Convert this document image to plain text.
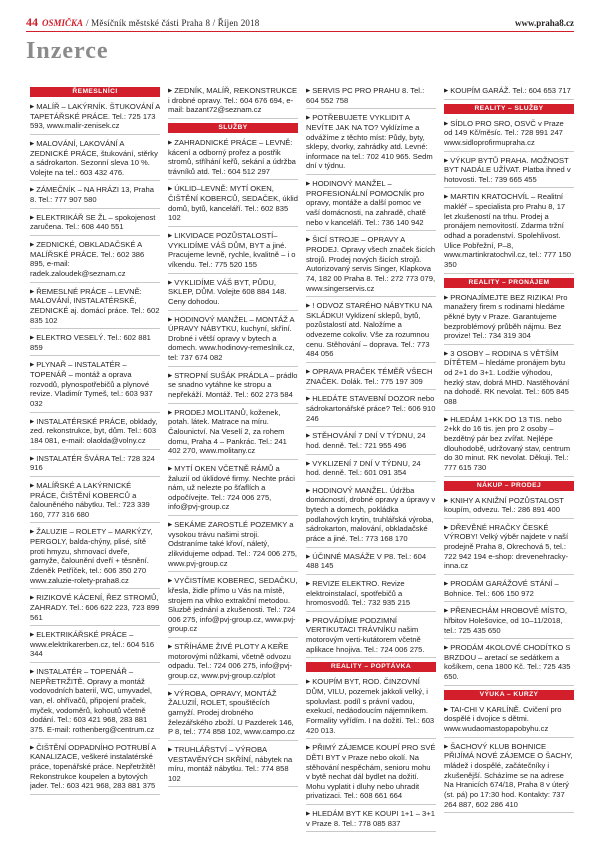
44 OSMIČKA / Měsíčník městské části Praha 8 / Říjen 2018	www.praha8.cz
Inzerce
ŘEMESLNÍCI

▶ MALÍŘ – LAKÝRNÍK. ŠTUKOVÁNÍ A TAPETÁŘSKÉ PRÁCE. Tel.: 725 173 593, www.malir-zenisek.cz

▶ MALOVÁNÍ, LAKOVÁNÍ A ZEDNICKÉ PRÁCE, štukování, stěrky a sádrokarton. Sezonní sleva 10 %. Volejte na tel.: 603 432 476.

▶ ZÁMEČNÍK – NA HRÁZI 13, Praha 8. Tel.: 777 907 580

▶ ELEKTRIKÁŘ SE ŽL – spokojenost zaručena. Tel.: 608 440 551

▶ ZEDNICKÉ, OBKLADAČSKÉ A MALÍŘSKÉ PRÁCE. Tel.: 602 386 895, e-mail: radek.zaloudek@seznam.cz

▶ ŘEMESLNÉ PRÁCE – LEVNĚ: MALOVÁNÍ, INSTALATÉRSKÉ, ZEDNICKÉ aj. domácí práce. Tel.: 602 835 102

▶ ELEKTRO VESELÝ. Tel.: 602 881 859

▶ PLYNAŘ – INSTALATÉR – TOPENÁŘ – montáž a oprava rozvodů, plynospotřebičů a plynové revize. Vladimír Tymeš, tel.: 603 937 032

▶ INSTALATÉRSKÉ PRÁCE, obklady, zed. rekonstrukce, byt, dům. Tel.: 603 184 081, e-mail: olaolda@volny.cz

▶ INSTALATÉR ŠVÁRA Tel.: 728 324 916

▶ MALÍŘSKÉ A LAKÝRNICKÉ PRÁCE, ČIŠTĚNÍ KOBERCŮ a čalouněného nábytku. Tel.: 723 339 160, 777 316 680

▶ ŽALUZIE – ROLETY – MARKÝZY, PERGOLY, balda-chýny, plisé, sítě proti hmyzu, shrnovací dveře, garnyže, čalounění dveří + těsnění. Zdeněk Petříček, tel.: 606 350 270 www.zaluzie-rolety-praha8.cz

▶ RIZIKOVÉ KÁCENÍ, ŘEZ STROMŮ, ZAHRADY. Tel.: 606 622 223, 723 899 561

▶ ELEKTRIKÁŘSKÉ PRÁCE – www.elektrikarerben.cz, tel.: 604 516 344

▶ INSTALATÉR – TOPENÁŘ – NEPŘETRŽITĚ. Opravy a montáž vodovodních baterií, WC, umyvadel, van, el. ohřívačů, připojení praček, myček, vodoměrů, kohoutů včetně dodání. Tel.: 603 421 968, 283 881 375. E-mail: rothenberg@centrum.cz

▶ ČIŠTĚNÍ ODPADNÍHO POTRUBÍ A KANALIZACE, veškeré instalatérské práce, topenářské práce. Nepřetržitě! Rekonstrukce koupelen a bytových jader. Tel.: 603 421 968, 283 881 375

▶ ZEDNÍK, MALÍŘ, REKONSTRUKCE i drobné opravy. Tel.: 604 676 694, e-mail: bazant72@seznam.cz

SLUŽBY

▶ ZAHRADNICKÉ PRÁCE – LEVNĚ: kácení a odborný prořez a postřik stromů, stříhání keřů, sekání a údržba trávníků atd. Tel.: 604 512 297

▶ ÚKLID–LEVNĚ: MYTÍ OKEN, ČIŠTĚNÍ KOBERCŮ, SEDAČEK, úklid domů, bytů, kanceláří. Tel.: 602 835 102

▶ LIKVIDACE POZŮSTALOSTÍ– VYKLIDÍME VÁŠ DŮM, BYT a jiné. Pracujeme levně, rychle, kvalitně – i o víkendu. Tel.: 775 520 155

▶ VYKLIDÍME VÁŠ BYT, PŮDU, SKLEP, DŮM. Volejte 608 884 148. Ceny dohodou.

▶ HODINOVÝ MANŽEL – MONTÁŽ A ÚPRAVY NÁBYTKU, kuchyní, skříní. Drobné i větší opravy v bytech a domech. www.hodinovy-remeslnik.cz, tel: 737 674 082

▶ STROPNÍ SUŠÁK PRÁDLA – prádlo se snadno vytáhne ke stropu a nepřekáží. Montáž. Tel.: 602 273 584

▶ PRODEJ MOLITANŮ, koženek, potah. látek. Matrace na míru. Čalounictví. Na Veselí 2, za rohem domu, Praha 4 – Pankrác. Tel.: 241 402 270, www.molitany.cz

▶ MYTÍ OKEN VČETNĚ RÁMŮ a žaluzií od úklidové firmy. Nechte práci nám, už nelezte po šťaflích a odpočívejte. Tel.: 724 006 275, info@pvj-group.cz

▶ SEKÁME ZAROSTLÉ POZEMKY a vysokou trávu našimi stroji. Odstraníme také křoví, náletý, zlikvidujeme odpad. Tel.: 724 006 275, www.pvj-group.cz

▶ VYČISTÍME KOBEREC, SEDAČKU, křesla, židle přímo u Vás na místě, strojem na vlhko extrakční metodou. Sluzbě jednání a zkušenosti. Tel.: 724 006 275, info@pvj-group.cz, www.pvj-group.cz

▶ STŘÍHÁME ŽIVÉ PLOTY A KEŘE motorovými nůžkami, včetně odvozu odpadu. Tel.: 724 006 275, info@pvj-group.cz, www.pvj-group.cz/plot

▶ VÝROBA, OPRAVY, MONTÁŽ ŽALUZIÍ, ROLET, spouštěcích garnyží. Prodej drobného železářského zboží. U Pazderek 146, P 8, tel.: 774 858 102, www.campo.cz

▶ TRUHLÁŘSTVÍ – VÝROBA VESTAVĚNÝCH SKŘÍNÍ, nábytek na míru, montáž nábytku. Tel.: 774 858 102

▶ SERVIS PC PRO PRAHU 8. Tel.: 604 552 758

▶ POTŘEBUJETE VYKLIDIT A NEVÍTE JAK NA TO? Vyklízíme a odvážíme z těchto míst: Půdy, byty, sklepy, dvorky, zahrádky atd. Levné: informace na tel.: 702 410 965. Sedm dní v týdnu.

▶ HODINOVÝ MANŽEL – PROFESIONÁLNÍ POMOCNÍK pro opravy, montáže a další pomoc ve vaší domácnosti, na zahradě, chatě nebo v kanceláři. Tel.: 736 140 942

▶ ŠICÍ STROJE – OPRAVY A PRODEJ. Opravy všech značek šicích strojů. Prodej nových šicích strojů. Autorizovaný servis Singer, Klapkova 74, 182 00 Praha 8. Tel.: 272 773 079, www.singerservis.cz

▶ ! ODVOZ STARÉHO NÁBYTKU NA SKLÁDKU! Vyklizení sklepů, bytů, pozůstalostí atd. Naložíme a odvezeme cokoliv. Vše za rozumnou cenu. Stěhování – doprava. Tel.: 773 484 056

▶ OPRAVA PRAČEK TÉMĚŘ VŠECH ZNAČEK. Dolák. Tel.: 775 197 309

▶ HLEDÁTE STAVEBNÍ DOZOR nebo sádrokartonářské práce? Tel.: 606 910 246

▶ STĚHOVÁNÍ 7 DNÍ V TÝDNU, 24 hod. denně. Tel.: 721 955 496

▶ VYKLIZENÍ 7 DNÍ V TÝDNU, 24 hod. denně. Tel.: 601 091 354

▶ HODINOVÝ MANŽEL. Údržba domácností, drobné opravy a úpravy v bytech a domech, pokládka podlahových krytin, truhlářská výroba, sádrokarton, malování, obkladačské práce a jiné. Tel.: 773 168 170

▶ ÚČINNÉ MASÁŽE V P8. Tel.: 604 488 145

▶ REVIZE ELEKTRO. Revize elektroinstalací, spotřebičů a hromosvodů. Tel.: 732 935 215

▶ PROVÁDÍME PODZIMNÍ VERTIKUTACI TRÁVNÍKU našim motorovým verti-kutátorem včetně aplikace hnojiva. Tel.: 724 006 275.

REALITY – POPTÁVKA

▶ KOUPÍM BYT, ROD. ČINZOVNÍ DŮM, VILU, pozemek jakkoli velký, i spoluvlast. podíl s právní vadou, exekucí, nedáodoucím nájemníkem. Formality vyřídím. I na dožití. Tel.: 603 420 013.

▶ PŘIMÝ ZÁJEMCE KOUPÍ PRO SVÉ DĚTI BYT v Praze nebo okolí. Na stěhování nespěchám, senioru mohu v bytě nechat dál bydlet na dožití. Mohu vyplatit i dluhy nebo uhradit privatizaci. Tel.: 608 661 664

▶ HLEDÁM BYT KE KOUPI 1+1 – 3+1 v Praze 8. Tel.: 778 085 837

▶ KOUPÍM GARÁŽ. Tel.: 604 653 717

REALITY – SLUŽBY

▶ SÍDLO PRO SRO, OSVČ v Praze od 149 Kč/měsíc. Tel.: 728 991 247 www.sidloprofirmupraha.cz

▶ VÝKUP BYTŮ PRAHA. MOŽNOST BYT NADÁLE UŽÍVAT. Platba ihned v hotovosti. Tel.: 739 665 455

▶ MARTIN KRATOCHVÍL – Realitní makléř – specialista pro Prahu 8, 17 let zkušeností na trhu. Prodej a pronájem nemovitostí. Zdarma tržní odhad a poradenství. Spolehlivost. Ulice Pobřežní, P–8, www.martinkratochvil.cz, tel.: 777 150 350

REALITY – PRONÁJEM

▶ PRONAJÍMEJTE BEZ RIZIKA! Pro manažery firem s rodinami hledáme pěkné byty v Praze. Garantujeme bezproblémový průběh nájmu. Bez provize! Tel.: 734 319 304

▶ 3 OSOBY – RODINA S VĚTŠÍM DÍTĚTEM – hledáme pronájem bytu od 2+1 do 3+1. Lodžie výhodou, hezký stav, dobrá MHD. Nastěhování na dohodě. RK nevolat. Tel.: 605 845 088

▶ HLEDÁM 1+KK DO 13 TIS. nebo 2+kk do 16 tis. jen pro 2 osoby – bezdětný pár bez zvířat. Nejlépe dlouhodobě, udržovaný stav, centrum do 30 minut. RK nevolat. Děkuji. Tel.: 777 615 730

NÁKUP – PRODEJ

▶ KNIHY A KNIŽNÍ POZŮSTALOST koupím, odvezu. Tel.: 286 891 400

▶ DŘEVĚNÉ HRAČKY ČESKÉ VÝROBY! Velký výběr najdete v naší prodejně Praha 8, Okrechová 5, tel.: 722 942 194 e-shop: drevenehracky-inna.cz

▶ PRODÁM GARÁŽOVÉ STÁNÍ – Bohnice. Tel.: 606 150 972

▶ PŘENECHÁM HROBOVÉ MÍSTO, hřbitov Holešovice, od 10–11/2018, tel.: 725 435 650

▶ PRODÁM 4KOLOVÉ CHODÍTKO S BRZDOU – aretací se sedátkem a košíkem, cena 1800 Kč. Tel.: 725 435 650.

VÝUKA – KURZY

▶ TAI-CHI V KARLÍNĚ. Cvičení pro dospělé i dvojice s dětmi. www.wudaomastopapobyhu.cz

▶ ŠACHOVÝ KLUB BOHNICE PŘIJÍMÁ NOVÉ ZÁJEMCE O ŠACHY, mládež i dospělé, začátečníky i zkušenější. Scházíme se na adrese Na Hranicích 674/18, Praha 8 v úterý (st. pá) po 17:30 hod. Kontakty: 737 264 887, 602 286 410
